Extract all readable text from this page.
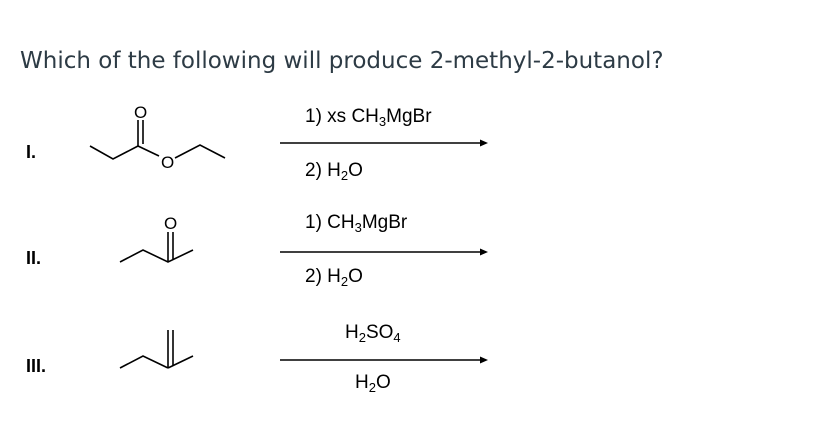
Which of the following will produce 2-methyl-2-butanol?
I.
O
O
1) xs $CH_3MgBr$
2) $H_2O$
II.
O	1) $CH_3MgBr$
2) $H_2O$
III.
$H_2SO_4$
$H_2O$
